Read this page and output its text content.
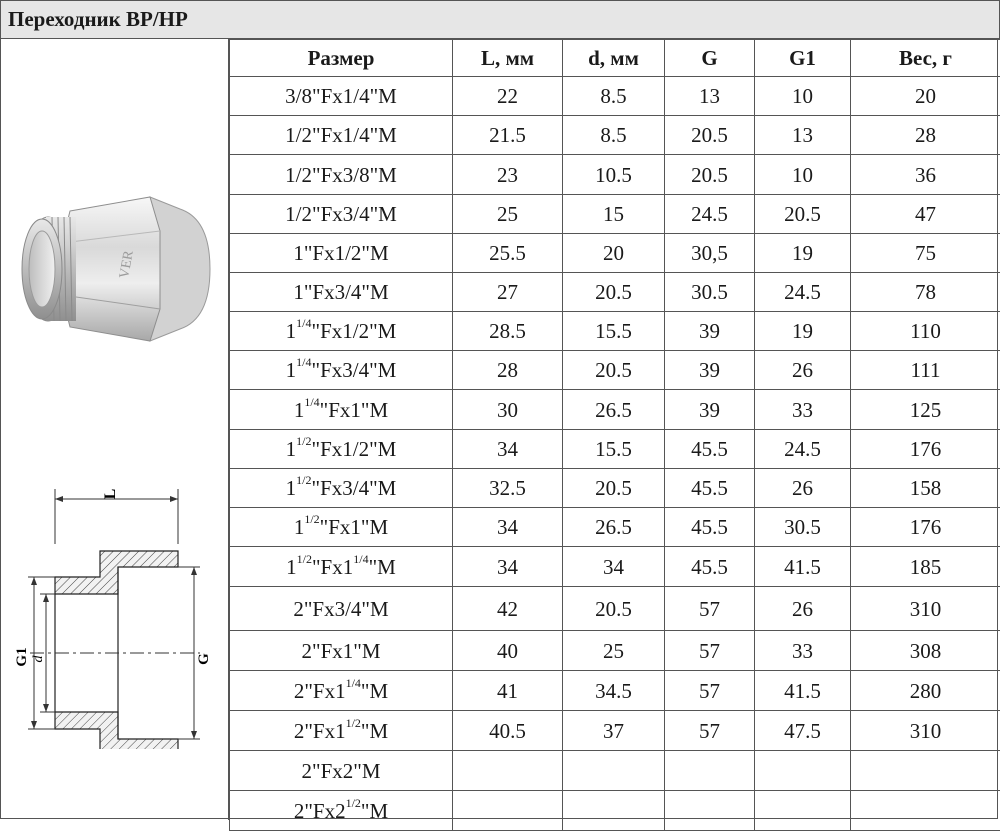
Переходник ВР/НР
VER
L
G1 d	G
Размер	L, мм	d, мм	G	G1	Вес, г
3/8"Fx1/4"M	22	8.5	13	10	20
1/2"Fx1/4"M	21.5	8.5	20.5	13	28
1/2"Fx3/8"M	23	10.5	20.5	10	36
1/2"Fx3/4"M	25	15	24.5	20.5	47
1"Fx1/2"M	25.5	20	30,5	19	75
1"Fx3/4"M	27	20.5	30.5	24.5	78
$1^{1/4}"Fx1/2"M$	28.5	15.5	39	19	110
$1^{1/4}"Fx3/4"M$	28	20.5	39	26	111
$1^{1/4}"Fx1"M$	30	26.5	39	33	125
$1^{1/2}"Fx1/2"M$	34	15.5	45.5	24.5	176
$1^{1/2}"Fx3/4"M$	32.5	20.5	45.5	26	158
$1^{1/2}"Fx1"M$	34	26.5	45.5	30.5	176
$1^{1/2}"Fx1^{1/4}"M$	34	34	45.5	41.5	185
2"Fx3/4"M	42	20.5	57	26	310
2"Fx1"M	40	25	57	33	308
$2"Fx1^{1/4}"M$	41	34.5	57	41.5	280
$2"Fx1^{1/2}"M$	40.5	37	57	47.5	310
2"Fx2"M					
$2"Fx2^{1/2}"M$					
